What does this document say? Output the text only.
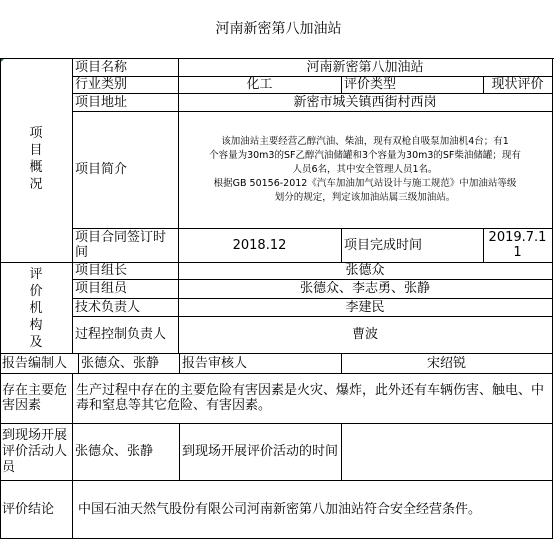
河南新密第八加油站
项
目
概
况
评
价
机
构
及
项目名称	河南新密第八加油站
行业类别	化工	评价类型	现状评价
项目地址	新密市城关镇西街村西岗
项目简介
该加油站主要经营乙醇汽油、柴油，现有双枪自吸泵加油机4台；有1
个容量为30m3的SF乙醇汽油储罐和3个容量为30m3的SF柴油储罐；现有
人员6名，其中安全管理人员1名。
根据GB 50156-2012《汽车加油加气站设计与施工规范》中加油站等级
划分的规定，判定该加油站属三级加油站。
项目合同签订时间	2018.12	项目完成时间	2019.7.11
项目组长	张德众
项目组员	张德众、李志勇、张静
技术负责人	李建民
过程控制负责人	曹波
报告编制人	张德众、张静	报告审核人	宋绍锐
存在主要危害因素
生产过程中存在的主要危险有害因素是火灾、爆炸，此外还有车辆伤害、触电、中毒和窒息等其它危险、有害因素。
到现场开展评价活动人员
张德众、张静	到现场开展评价活动的时间
评价结论	中国石油天然气股份有限公司河南新密第八加油站符合安全经营条件。
